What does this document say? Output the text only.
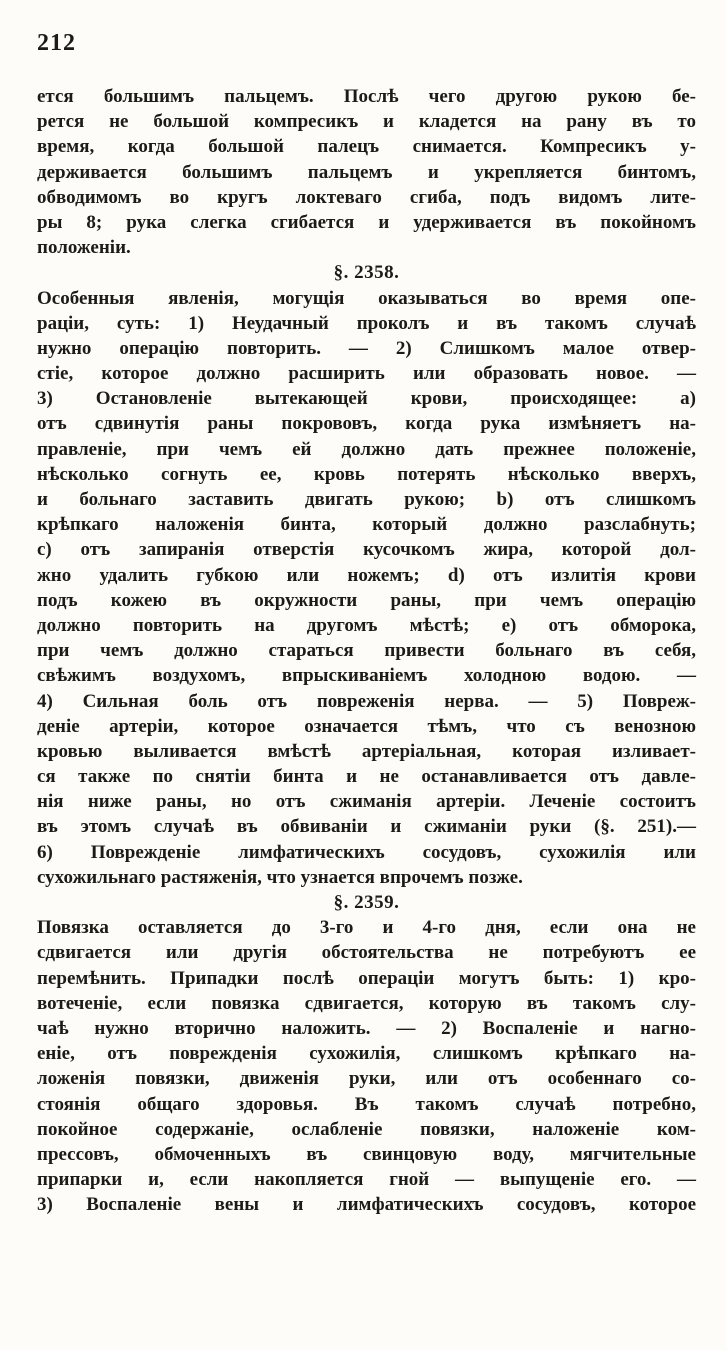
212
ется большимъ пальцемъ. Послѣ чего другою рукою бе-
рется не большой компресикъ и кладется на рану въ то
время, когда большой палецъ снимается. Компресикъ у-
держивается большимъ пальцемъ и укрепляется бинтомъ,
обводимомъ во кругъ локтеваго сгиба, подъ видомъ лите-
ры 8; рука слегка сгибается и удерживается въ покойномъ
положеніи.
§. 2358.
Особенныя явленія, могущія оказываться во время опе-
раціи, суть: 1) Неудачный проколъ и въ такомъ случаѣ
нужно операцію повторить. — 2) Слишкомъ малое отвер-
стіе, которое должно расширить или образовать новое. —
3) Остановленіе вытекающей крови, происходящее: a)
отъ сдвинутія раны покрововъ, когда рука измѣняетъ на-
правленіе, при чемъ ей должно дать прежнее положеніе,
нѣсколько согнуть ее, кровь потерять нѣсколько вверхъ,
и больнаго заставить двигать рукою; b) отъ слишкомъ
крѣпкаго наложенія бинта, который должно разслабнуть;
c) отъ запиранія отверстія кусочкомъ жира, которой дол-
жно удалить губкою или ножемъ; d) отъ излитія крови
подъ кожею въ окружности раны, при чемъ операцію
должно повторить на другомъ мѣстѣ; e) отъ обморока,
при чемъ должно стараться привести больнаго въ себя,
свѣжимъ воздухомъ, впрыскиваніемъ холодною водою. —
4) Сильная боль отъ повреженія нерва. — 5) Повреж-
деніе артеріи, которое означается тѣмъ, что съ венозною
кровью выливается вмѣстѣ артеріальная, которая изливает-
ся также по снятіи бинта и не останавливается отъ давле-
нія ниже раны, но отъ сжиманія артеріи. Леченіе состоитъ
въ этомъ случаѣ въ обвиваніи и сжиманіи руки (§. 251).—
6) Поврежденіе лимфатическихъ сосудовъ, сухожилія или
сухожильнаго растяженія, что узнается впрочемъ позже.
§. 2359.
Повязка оставляется до 3-го и 4-го дня, если она не
сдвигается или другія обстоятельства не потребуютъ ее
перемѣнить. Припадки послѣ операціи могутъ быть: 1) кро-
вотеченіе, если повязка сдвигается, которую въ такомъ слу-
чаѣ нужно вторично наложить. — 2) Воспаленіе и нагно-
еніе, отъ поврежденія сухожилія, слишкомъ крѣпкаго на-
ложенія повязки, движенія руки, или отъ особеннаго со-
стоянія общаго здоровья. Въ такомъ случаѣ потребно,
покойное содержаніе, ослабленіе повязки, наложеніе ком-
прессовъ, обмоченныхъ въ свинцовую воду, мягчительные
припарки и, если накопляется гной — выпущеніе его. —
3) Воспаленіе вены и лимфатическихъ сосудовъ, которое
